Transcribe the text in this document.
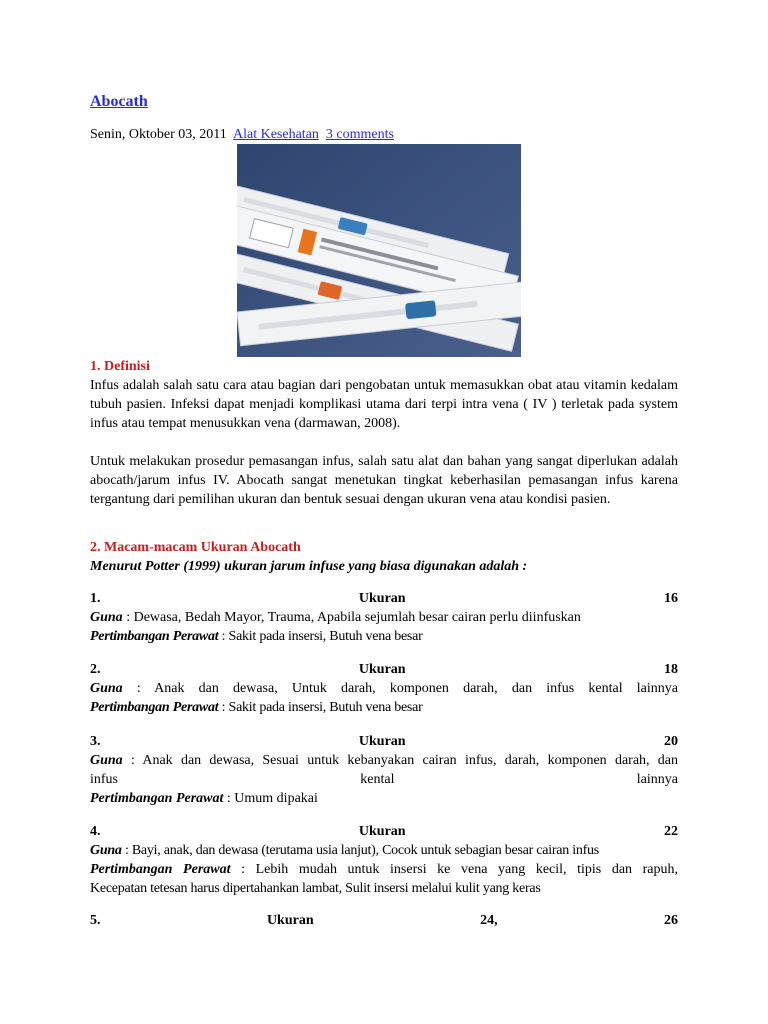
Abocath
Senin, Oktober 03, 2011 Alat Kesehatan 3 comments
1. Definisi
Infus adalah salah satu cara atau bagian dari pengobatan untuk memasukkan obat atau vitamin kedalam tubuh pasien. Infeksi dapat menjadi komplikasi utama dari terpi intra vena ( IV ) terletak pada system infus atau tempat menusukkan vena (darmawan, 2008).
Untuk melakukan prosedur pemasangan infus, salah satu alat dan bahan yang sangat diperlukan adalah abocath/jarum infus IV. Abocath sangat menetukan tingkat keberhasilan pemasangan infus karena tergantung dari pemilihan ukuran dan bentuk sesuai dengan ukuran vena atau kondisi pasien.
2. Macam-macam Ukuran Abocath
Menurut Potter (1999) ukuran jarum infuse yang biasa digunakan adalah :
1.	Ukuran	16
Guna : Dewasa, Bedah Mayor, Trauma, Apabila sejumlah besar cairan perlu diinfuskan
Pertimbangan Perawat : Sakit pada insersi, Butuh vena besar
2.	Ukuran	18
Guna : Anak dan dewasa, Untuk darah, komponen darah, dan infus kental lainnya
Pertimbangan Perawat : Sakit pada insersi, Butuh vena besar
3.	Ukuran	20
Guna : Anak dan dewasa, Sesuai untuk kebanyakan cairan infus, darah, komponen darah, dan
infus	kental	lainnya
Pertimbangan Perawat : Umum dipakai
4.	Ukuran	22
Guna : Bayi, anak, dan dewasa (terutama usia lanjut), Cocok untuk sebagian besar cairan infus
Pertimbangan Perawat : Lebih mudah untuk insersi ke vena yang kecil, tipis dan rapuh,
Kecepatan tetesan harus dipertahankan lambat, Sulit insersi melalui kulit yang keras
5.	Ukuran	24,	26
